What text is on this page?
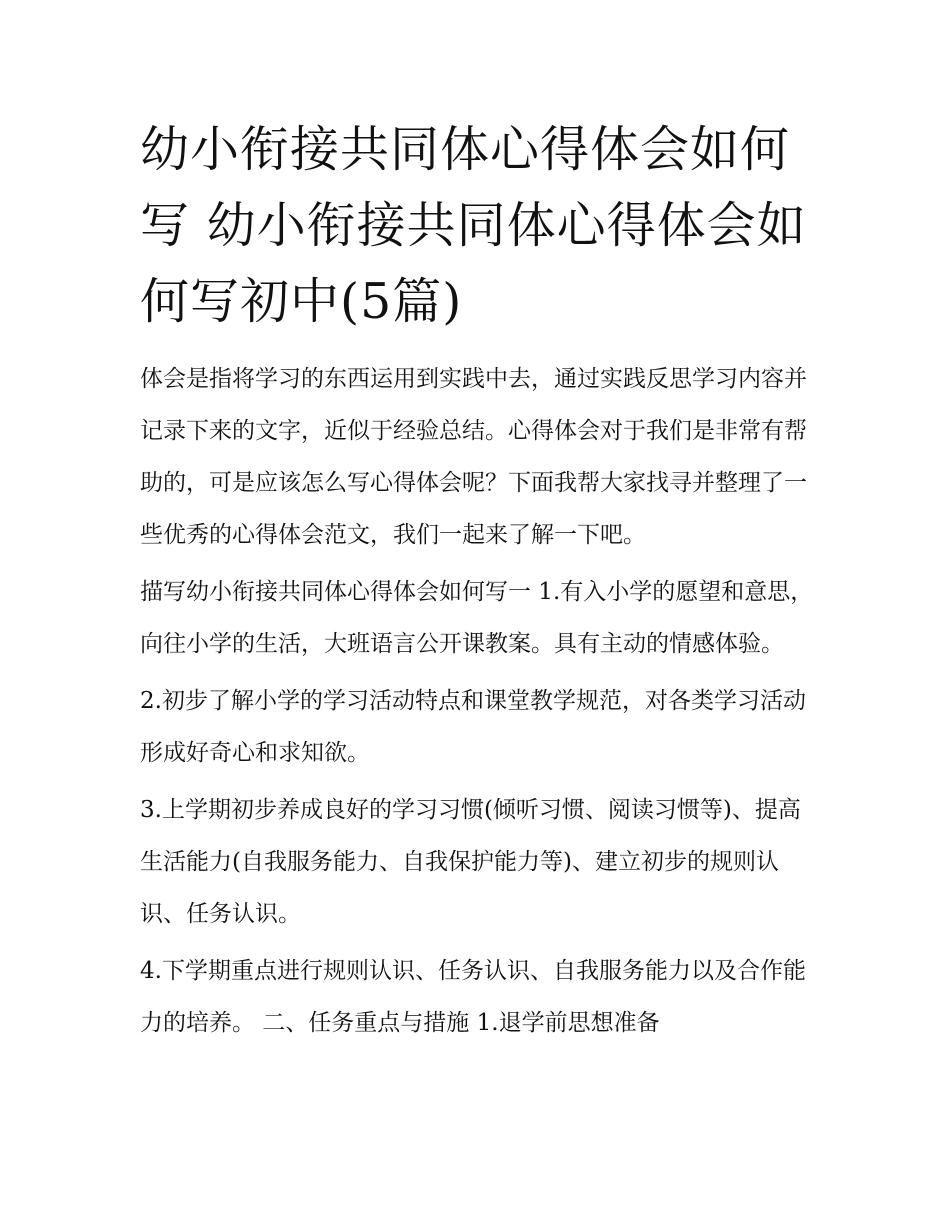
幼小衔接共同体心得体会如何写 幼小衔接共同体心得体会如何写初中(5篇)

体会是指将学习的东西运用到实践中去，通过实践反思学习内容并记录下来的文字，近似于经验总结。心得体会对于我们是非常有帮助的，可是应该怎么写心得体会呢？下面我帮大家找寻并整理了一些优秀的心得体会范文，我们一起来了解一下吧。

描写幼小衔接共同体心得体会如何写一 1.有入小学的愿望和意思，向往小学的生活，大班语言公开课教案。具有主动的情感体验。

2.初步了解小学的学习活动特点和课堂教学规范，对各类学习活动形成好奇心和求知欲。

3.上学期初步养成良好的学习习惯(倾听习惯、阅读习惯等)、提高生活能力(自我服务能力、自我保护能力等)、建立初步的规则认识、任务认识。

4.下学期重点进行规则认识、任务认识、自我服务能力以及合作能力的培养。 二、任务重点与措施 1.退学前思想准备
